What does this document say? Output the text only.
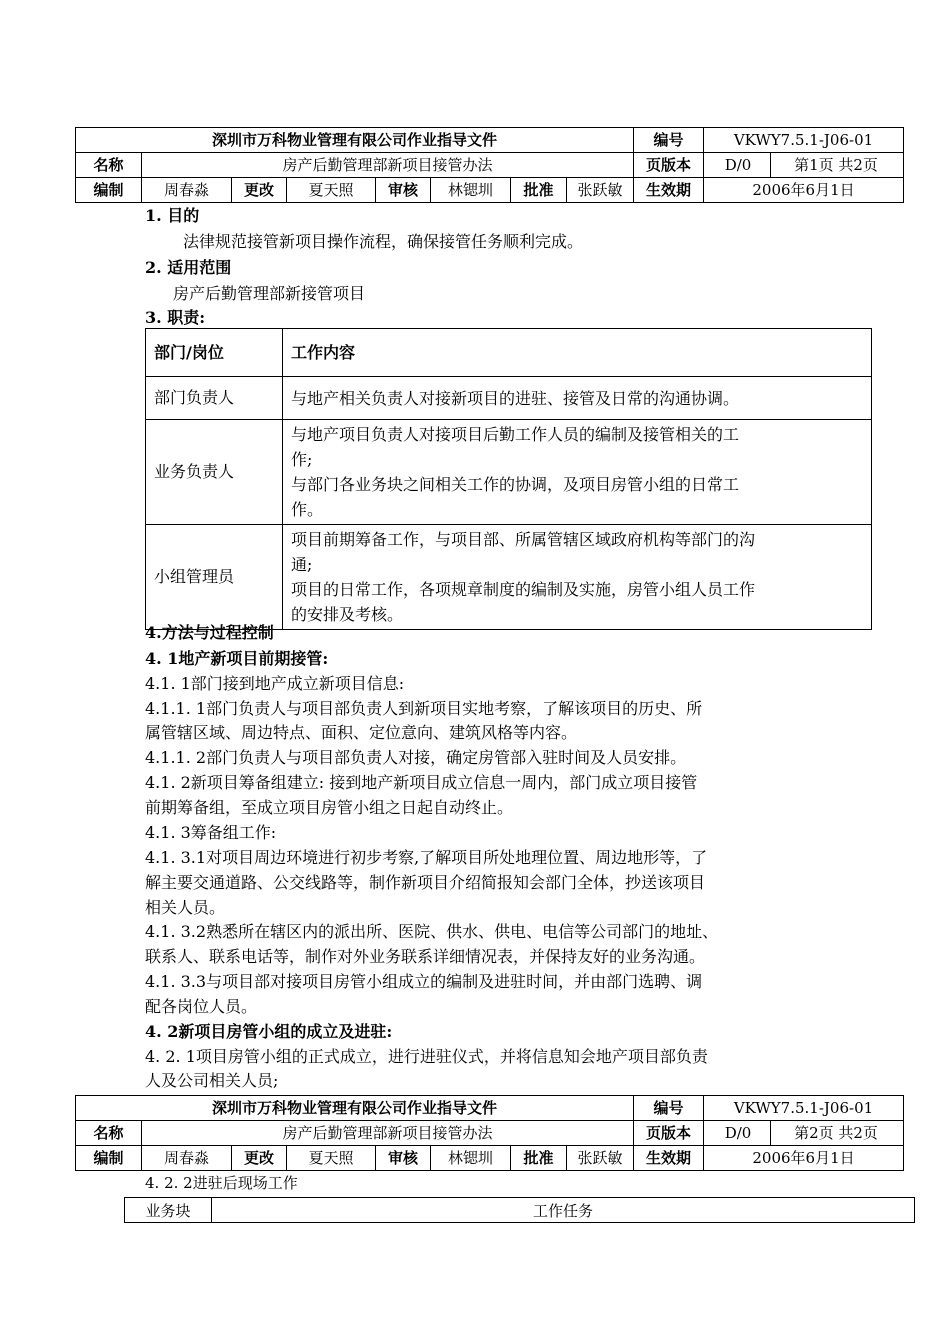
深圳市万科物业管理有限公司作业指导文件								编号	VKWY7.5.1-J06-01
名称	房产后勤管理部新项目接管办法							页版本	D/0 第1页 共2页
编制	周春淼	更改	夏天照	审核	林锶圳	批准	张跃敏	生效期	2006年6月1日
1. 目的
法律规范接管新项目操作流程，确保接管任务顺利完成。
2. 适用范围
房产后勤管理部新接管项目
3. 职责:
部门/岗位	工作内容
部门负责人	与地产相关负责人对接新项目的进驻、接管及日常的沟通协调。

业务负责人	与地产项目负责人对接项目后勤工作人员的编制及接管相关的工
作;
与部门各业务块之间相关工作的协调，及项目房管小组的日常工
作。

小组管理员	项目前期筹备工作，与项目部、所属管辖区域政府机构等部门的沟
通;
项目的日常工作，各项规章制度的编制及实施，房管小组人员工作
的安排及考核。
4.方法与过程控制
4. 1地产新项目前期接管:
4.1. 1部门接到地产成立新项目信息:
4.1.1. 1部门负责人与项目部负责人到新项目实地考察，了解该项目的历史、所
属管辖区域、周边特点、面积、定位意向、建筑风格等内容。
4.1.1. 2部门负责人与项目部负责人对接，确定房管部入驻时间及人员安排。
4.1. 2新项目筹备组建立: 接到地产新项目成立信息一周内，部门成立项目接管
前期筹备组，至成立项目房管小组之日起自动终止。
4.1. 3筹备组工作:
4.1. 3.1对项目周边环境进行初步考察,了解项目所处地理位置、周边地形等，了
解主要交通道路、公交线路等，制作新项目介绍简报知会部门全体，抄送该项目
相关人员。
4.1. 3.2熟悉所在辖区内的派出所、医院、供水、供电、电信等公司部门的地址、
联系人、联系电话等，制作对外业务联系详细情况表，并保持友好的业务沟通。
4.1. 3.3与项目部对接项目房管小组成立的编制及进驻时间，并由部门选聘、调
配各岗位人员。
4. 2新项目房管小组的成立及进驻:
4. 2. 1项目房管小组的正式成立，进行进驻仪式，并将信息知会地产项目部负责
人及公司相关人员;
深圳市万科物业管理有限公司作业指导文件								编号	VKWY7.5.1-J06-01
名称	房产后勤管理部新项目接管办法							页版本	D/0 第2页 共2页
编制	周春淼	更改	夏天照	审核	林锶圳	批准	张跃敏	生效期	2006年6月1日
4. 2. 2进驻后现场工作
业务块	工作任务
